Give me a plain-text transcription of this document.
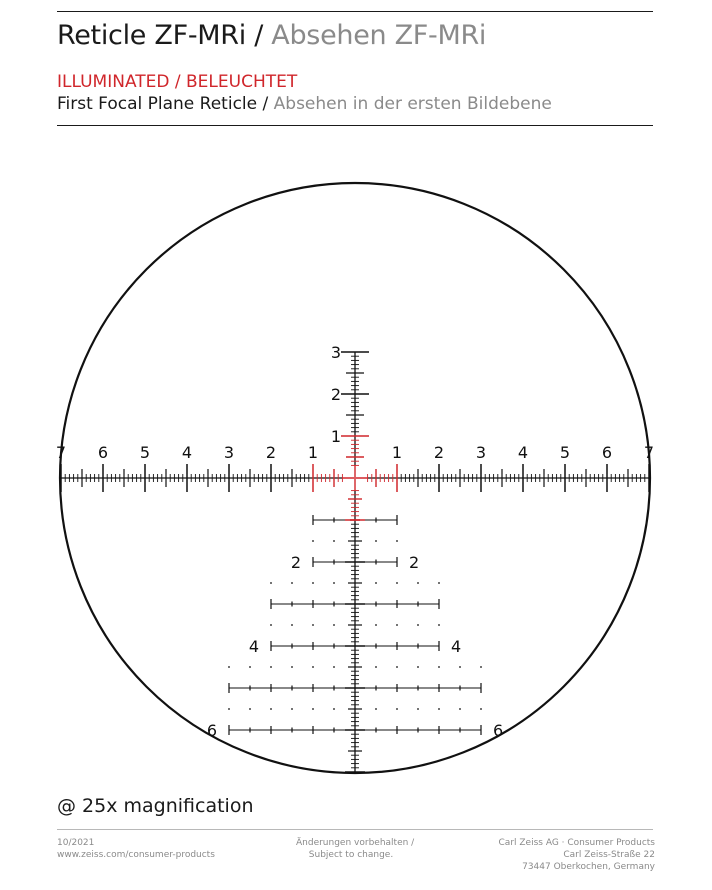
Reticle ZF-MRi / Absehen ZF-MRi
ILLUMINATED / BELEUCHTET
First Focal Plane Reticle / Absehen in der ersten Bildebene
7 6 5 4 3 2 1	1 2 3 4 5 6 7
3
2
1
2	2
4	4
6	6
@ 25x magnification
10/2021
www.zeiss.com/consumer-products
Änderungen vorbehalten /
Subject to change.
Carl Zeiss AG · Consumer Products
Carl Zeiss-Straße 22
73447 Oberkochen, Germany
